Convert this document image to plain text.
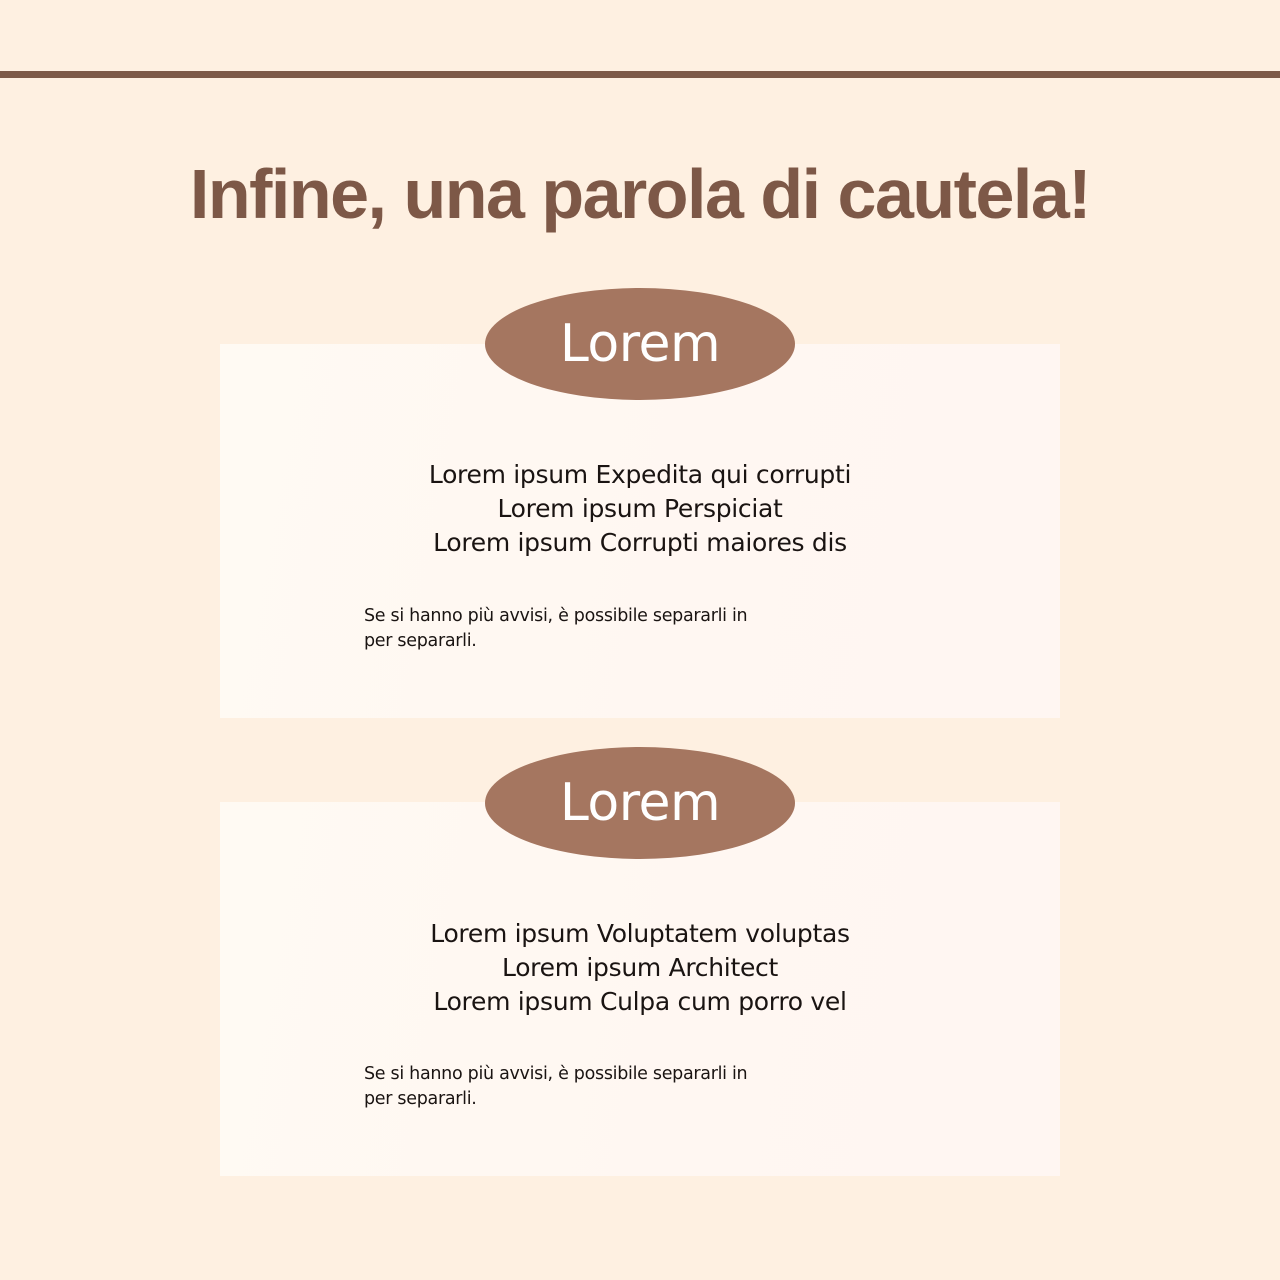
Infine, una parola di cautela!
Lorem
Lorem ipsum Expedita qui corrupti
Lorem ipsum Perspiciat
Lorem ipsum Corrupti maiores dis
Se si hanno più avvisi, è possibile separarli in
per separarli.
Lorem
Lorem ipsum Voluptatem voluptas
Lorem ipsum Architect
Lorem ipsum Culpa cum porro vel
Se si hanno più avvisi, è possibile separarli in
per separarli.
